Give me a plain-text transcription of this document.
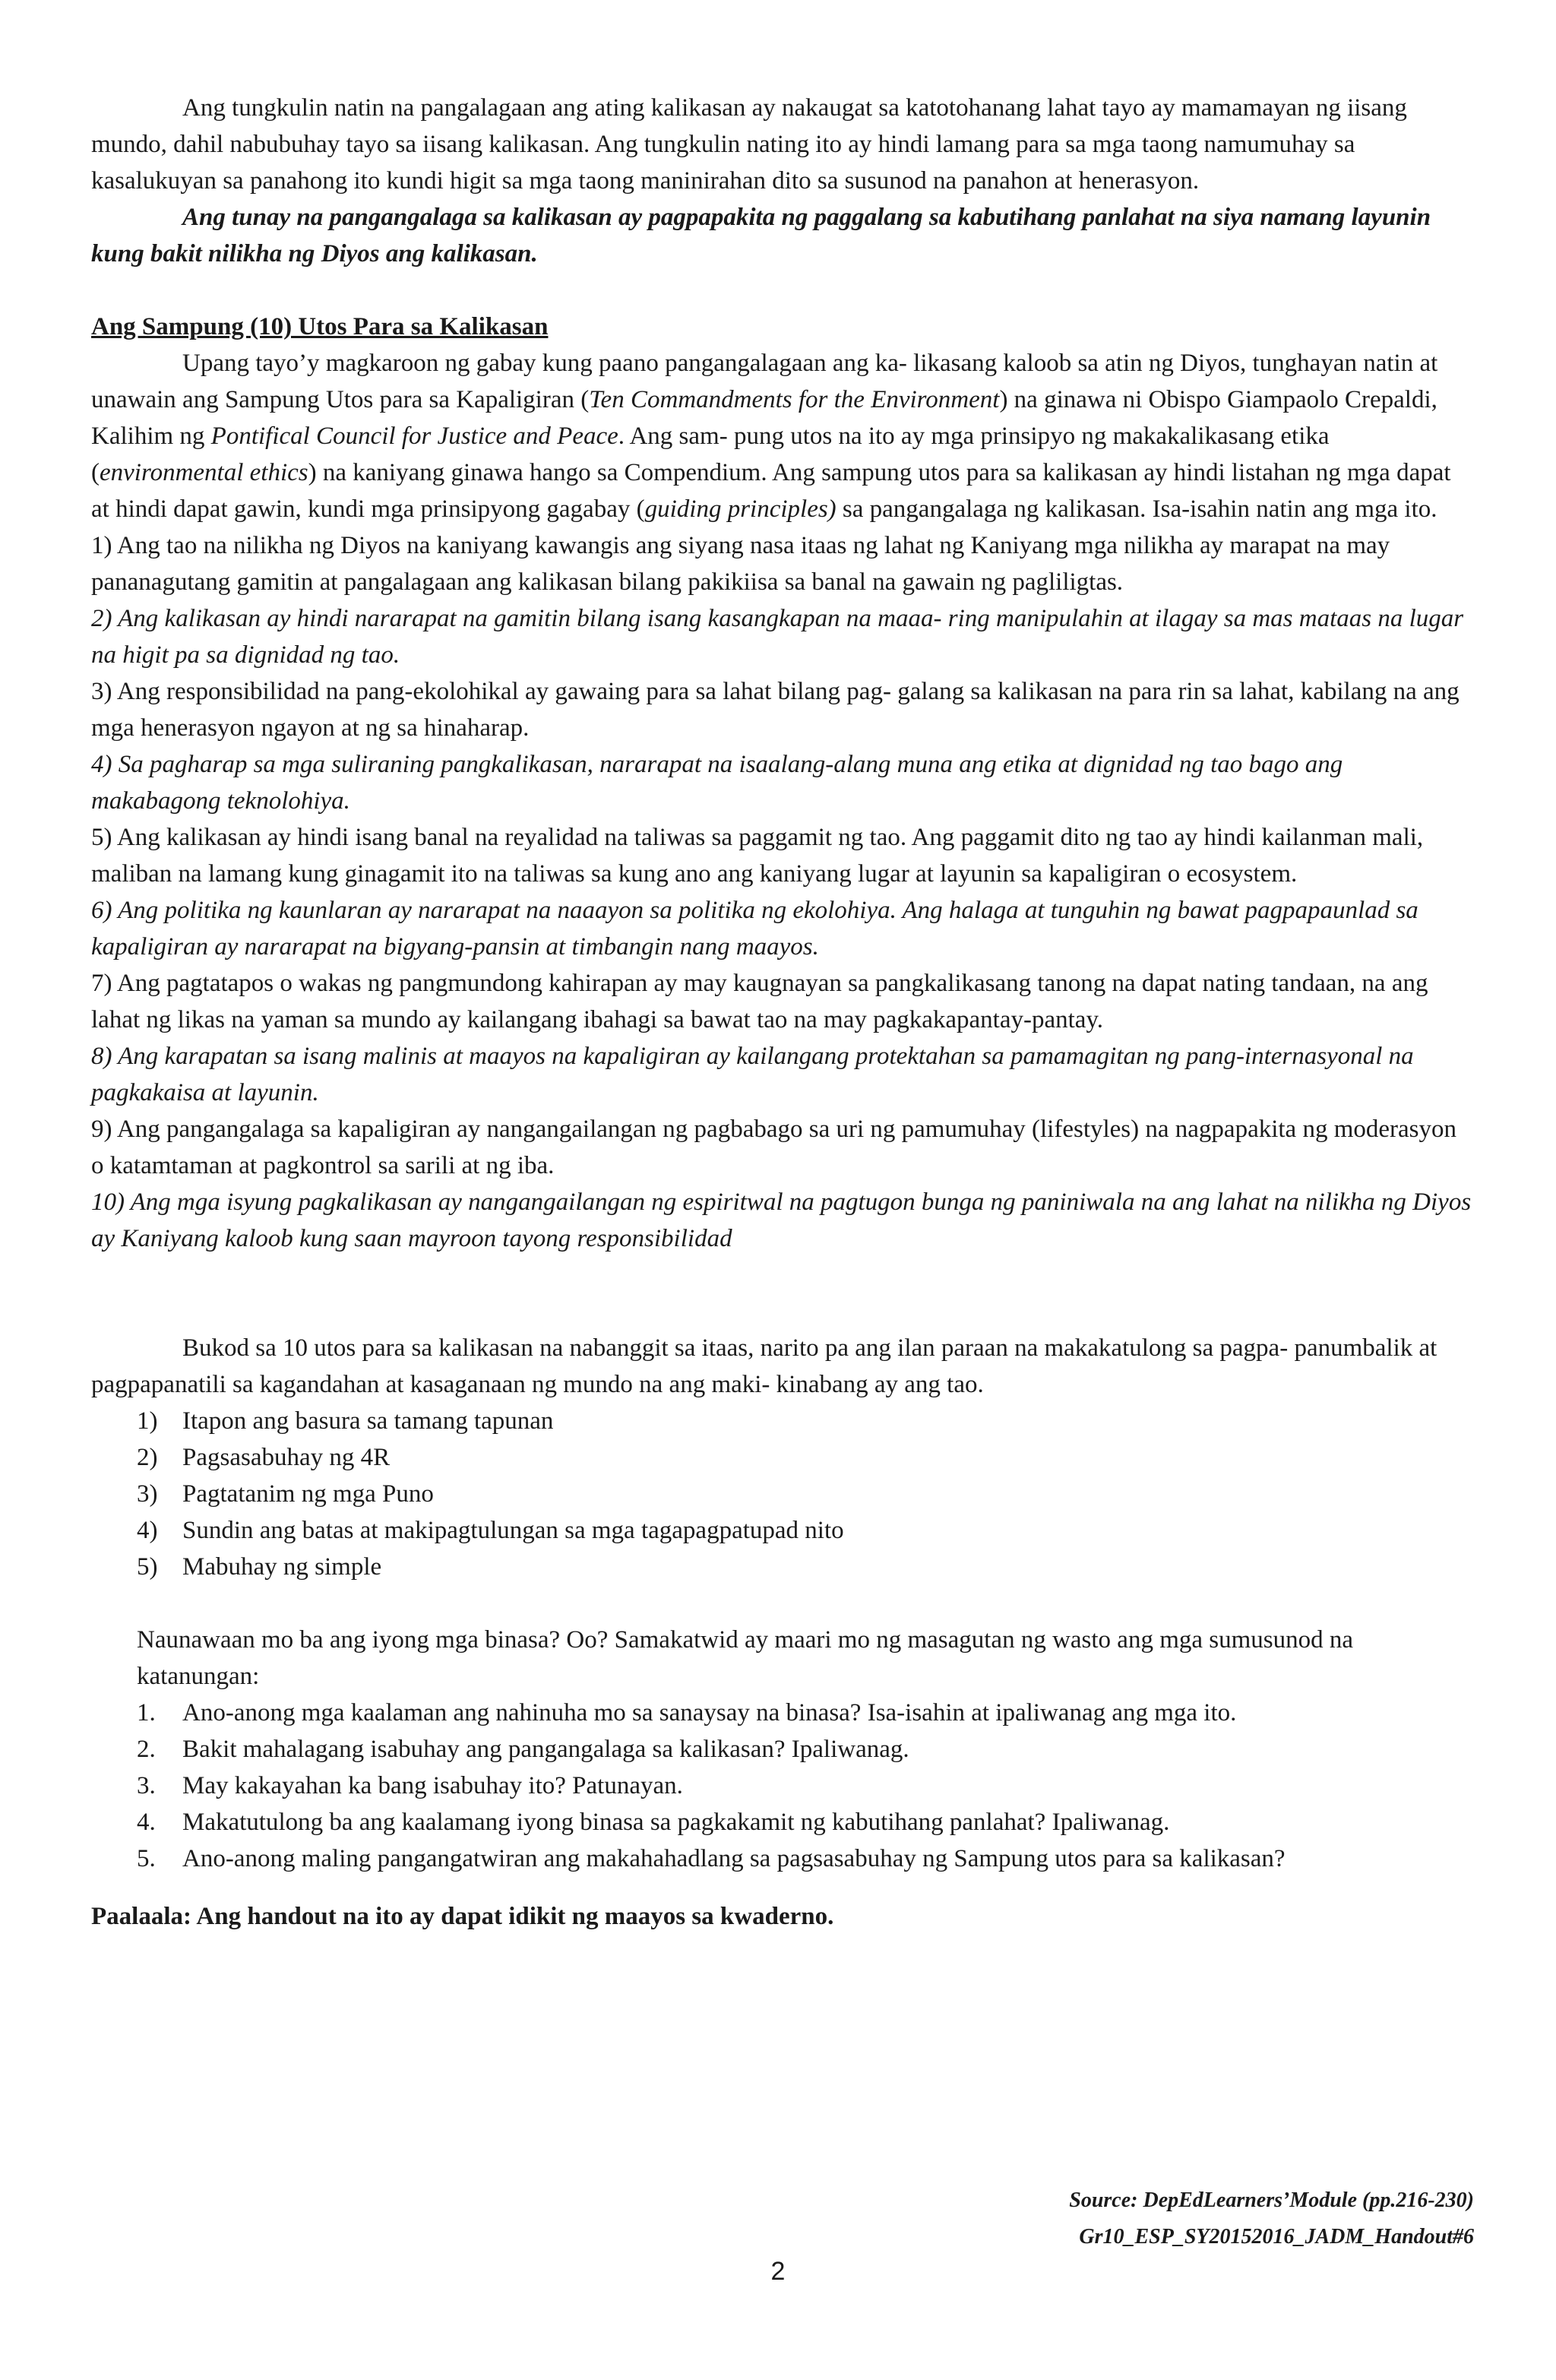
Ang tungkulin natin na pangalagaan ang ating kalikasan ay nakaugat sa katotohanang lahat tayo ay mamamayan ng iisang mundo, dahil nabubuhay tayo sa iisang kalikasan. Ang tungkulin nating ito ay hindi lamang para sa mga taong namumuhay sa kasalukuyan sa panahong ito kundi higit sa mga taong maninirahan dito sa susunod na panahon at henerasyon.

Ang tunay na pangangalaga sa kalikasan ay pagpapakita ng paggalang sa kabutihang panlahat na siya namang layunin kung bakit nilikha ng Diyos ang kalikasan.

Ang Sampung (10) Utos Para sa Kalikasan

Upang tayo’y magkaroon ng gabay kung paano pangangalagaan ang ka- likasang kaloob sa atin ng Diyos, tunghayan natin at unawain ang Sampung Utos para sa Kapaligiran (Ten Commandments for the Environment) na ginawa ni Obispo Giampaolo Crepaldi, Kalihim ng Pontifical Council for Justice and Peace. Ang sam- pung utos na ito ay mga prinsipyo ng makakalikasang etika (environmental ethics) na kaniyang ginawa hango sa Compendium. Ang sampung utos para sa kalikasan ay hindi listahan ng mga dapat at hindi dapat gawin, kundi mga prinsipyong gagabay (guiding principles) sa pangangalaga ng kalikasan. Isa-isahin natin ang mga ito.

1) Ang tao na nilikha ng Diyos na kaniyang kawangis ang siyang nasa itaas ng lahat ng Kaniyang mga nilikha ay marapat na may pananagutang gamitin at pangalagaan ang kalikasan bilang pakikiisa sa banal na gawain ng pagliligtas.

2) Ang kalikasan ay hindi nararapat na gamitin bilang isang kasangkapan na maaa- ring manipulahin at ilagay sa mas mataas na lugar na higit pa sa dignidad ng tao.

3) Ang responsibilidad na pang-ekolohikal ay gawaing para sa lahat bilang pag- galang sa kalikasan na para rin sa lahat, kabilang na ang mga henerasyon ngayon at ng sa hinaharap.

4) Sa pagharap sa mga suliraning pangkalikasan, nararapat na isaalang-alang muna ang etika at dignidad ng tao bago ang makabagong teknolohiya.

5) Ang kalikasan ay hindi isang banal na reyalidad na taliwas sa paggamit ng tao. Ang paggamit dito ng tao ay hindi kailanman mali, maliban na lamang kung ginagamit ito na taliwas sa kung ano ang kaniyang lugar at layunin sa kapaligiran o ecosystem.

6) Ang politika ng kaunlaran ay nararapat na naaayon sa politika ng ekolohiya. Ang halaga at tunguhin ng bawat pagpapaunlad sa kapaligiran ay nararapat na bigyang-pansin at timbangin nang maayos.

7) Ang pagtatapos o wakas ng pangmundong kahirapan ay may kaugnayan sa pangkalikasang tanong na dapat nating tandaan, na ang lahat ng likas na yaman sa mundo ay kailangang ibahagi sa bawat tao na may pagkakapantay-pantay.

8) Ang karapatan sa isang malinis at maayos na kapaligiran ay kailangang protektahan sa pamamagitan ng pang-internasyonal na pagkakaisa at layunin.

9) Ang pangangalaga sa kapaligiran ay nangangailangan ng pagbabago sa uri ng pamumuhay (lifestyles) na nagpapakita ng moderasyon o katamtaman at pagkontrol sa sarili at ng iba.

10) Ang mga isyung pagkalikasan ay nangangailangan ng espiritwal na pagtugon bunga ng paniniwala na ang lahat na nilikha ng Diyos ay Kaniyang kaloob kung saan mayroon tayong responsibilidad

Bukod sa 10 utos para sa kalikasan na nabanggit sa itaas, narito pa ang ilan paraan na makakatulong sa pagpa- panumbalik at pagpapanatili sa kagandahan at kasaganaan ng mundo na ang maki- kinabang ay ang tao.

1) Itapon ang basura sa tamang tapunan
2) Pagsasabuhay ng 4R
3) Pagtatanim ng mga Puno
4) Sundin ang batas at makipagtulungan sa mga tagapagpatupad nito
5) Mabuhay ng simple

Naunawaan mo ba ang iyong mga binasa? Oo? Samakatwid ay maari mo ng masagutan ng wasto ang mga sumusunod na katanungan:

1. Ano-anong mga kaalaman ang nahinuha mo sa sanaysay na binasa? Isa-isahin at ipaliwanag ang mga ito.
2. Bakit mahalagang isabuhay ang pangangalaga sa kalikasan? Ipaliwanag.
3. May kakayahan ka bang isabuhay ito? Patunayan.
4. Makatutulong ba ang kaalamang iyong binasa sa pagkakamit ng kabutihang panlahat? Ipaliwanag.
5. Ano-anong maling pangangatwiran ang makahahadlang sa pagsasabuhay ng Sampung utos para sa kalikasan?

Paalaala: Ang handout na ito ay dapat idikit ng maayos sa kwaderno.

Source: DepEdLearners’Module (pp.216-230)
Gr10_ESP_SY20152016_JADM_Handout#6
2
